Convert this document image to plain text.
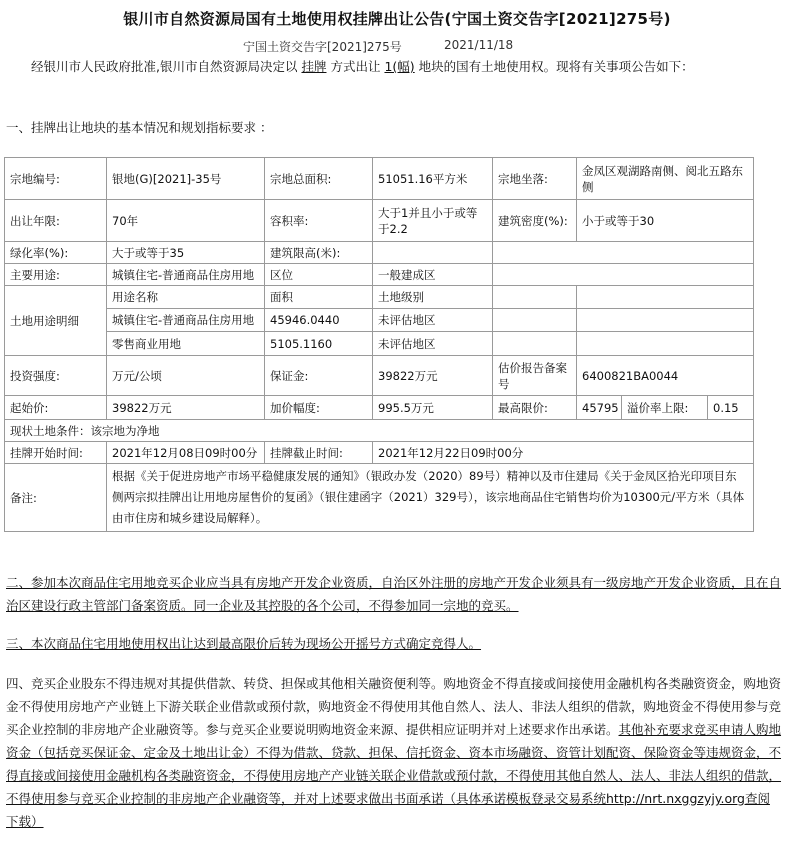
银川市自然资源局国有土地使用权挂牌出让公告(宁国土资交告字[2021]275号)
宁国土资交告字[2021]275号	2021/11/18
  经银川市人民政府批准,银川市自然资源局决定以 挂牌 方式出让 1(幅) 地块的国有土地使用权。现将有关事项公告如下：
一、挂牌出让地块的基本情况和规划指标要求 ：
宗地编号:	银地(G)[2021]-35号	宗地总面积:	51051.16平方米	宗地坐落:	金凤区观湖路南侧、阅北五路东侧		
出让年限:	70年	容积率:	大于1并且小于或等于2.2	建筑密度(%):	小于或等于30		
绿化率(%):	大于或等于35	建筑限高(米):					
主要用途:	城镇住宅-普通商品住房用地	区位	一般建成区				
土地用途明细	用途名称	面积	土地级别				
	城镇住宅-普通商品住房用地	45946.0440	未评估地区				
	零售商业用地	5105.1160	未评估地区				
投资强度:	万元/公顷	保证金:	39822万元	估价报告备案号	6400821BA0044		
起始价:	39822万元	加价幅度:	995.5万元	最高限价:	45795	溢价率上限:	0.15
现状土地条件：该宗地为净地							
挂牌开始时间:	2021年12月08日09时00分	挂牌截止时间:	2021年12月22日09时00分				
备注:	根据《关于促进房地产市场平稳健康发展的通知》（银政办发（2020）89号）精神以及市住建局《关于金凤区拾光印项目东侧两宗拟挂牌出让用地房屋售价的复函》（银住建函字（2021）329号），该宗地商品住宅销售均价为10300元/平方米（具体由市住房和城乡建设局解释）。						
二、参加本次商品住宅用地竞买企业应当具有房地产开发企业资质，自治区外注册的房地产开发企业须具有一级房地产开发企业资质，且在自治区建设行政主管部门备案资质。同一企业及其控股的各个公司，不得参加同一宗地的竞买。
三、本次商品住宅用地使用权出让达到最高限价后转为现场公开摇号方式确定竞得人。
四、竞买企业股东不得违规对其提供借款、转贷、担保或其他相关融资便利等。购地资金不得直接或间接使用金融机构各类融资资金，购地资金不得使用房地产产业链上下游关联企业借款或预付款，购地资金不得使用其他自然人、法人、非法人组织的借款，购地资金不得使用参与竞买企业控制的非房地产企业融资等。参与竞买企业要说明购地资金来源、提供相应证明并对上述要求作出承诺。其他补充要求竞买申请人购地资金（包括竞买保证金、定金及土地出让金）不得为借款、贷款、担保、信托资金、资本市场融资、资管计划配资、保险资金等违规资金，不得直接或间接使用金融机构各类融资资金，不得使用房地产产业链关联企业借款或预付款，不得使用其他自然人、法人、非法人组织的借款，不得使用参与竞买企业控制的非房地产企业融资等，并对上述要求做出书面承诺（具体承诺模板登录交易系统http://nrt.nxggzyjy.org查阅下载）
